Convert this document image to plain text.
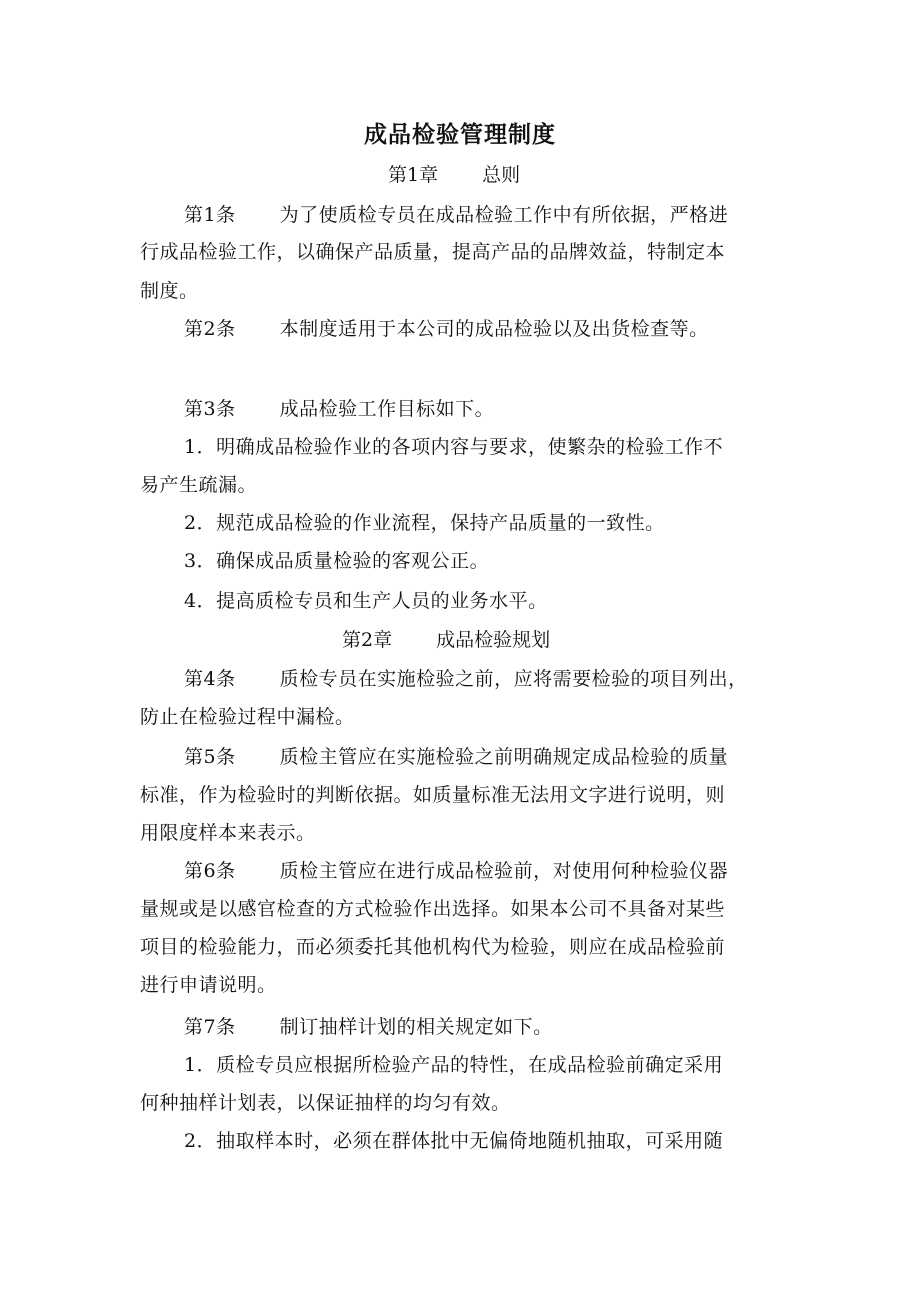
成品检验管理制度
第1章 总则
第1条 为了使质检专员在成品检验工作中有所依据，严格进
行成品检验工作，以确保产品质量，提高产品的品牌效益，特制定本
制度。
第2条 本制度适用于本公司的成品检验以及出货检查等。
第3条 成品检验工作目标如下。
1．明确成品检验作业的各项内容与要求，使繁杂的检验工作不
易产生疏漏。
2．规范成品检验的作业流程，保持产品质量的一致性。
3．确保成品质量检验的客观公正。
4．提高质检专员和生产人员的业务水平。
第2章 成品检验规划
第4条 质检专员在实施检验之前，应将需要检验的项目列出，
防止在检验过程中漏检。
第5条 质检主管应在实施检验之前明确规定成品检验的质量
标准，作为检验时的判断依据。如质量标准无法用文字进行说明，则
用限度样本来表示。
第6条 质检主管应在进行成品检验前，对使用何种检验仪器
量规或是以感官检查的方式检验作出选择。如果本公司不具备对某些
项目的检验能力，而必须委托其他机构代为检验，则应在成品检验前
进行申请说明。
第7条 制订抽样计划的相关规定如下。
1．质检专员应根据所检验产品的特性，在成品检验前确定采用
何种抽样计划表，以保证抽样的均匀有效。
2．抽取样本时，必须在群体批中无偏倚地随机抽取，可采用随
